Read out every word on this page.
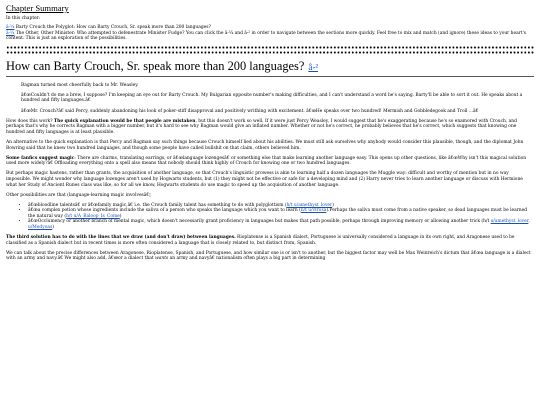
Chapter Summary
In this chapter:
â-¼ Barty Crouch the Polyglot: How can Barty Crouch, Sr. speak more than 200 languages?
â-¼ The Other, Other Minister: Who attempted to defenestrate Minister Fudge? You can click the â-¼ and â-² in order to navigate between the sections more quickly. Feel free to mix and match (and ignore) these ideas to your heart's content. This is just an exploration of the possibilities.
How can Barty Crouch, Sr. speak more than 200 languages? â-²

Bagman turned most cheerfully back to Mr. Weasley.

â€œCouldn't do me a brew, I suppose? I'm keeping an eye out for Barty Crouch. My Bulgarian opposite number's making difficulties, and I can't understand a word he's saying. Barty'll be able to sort it out. He speaks about a hundred and fifty languages.â€

â€œMr. Crouch?â€ said Percy, suddenly abandoning his look of poker-stiff disapproval and positively writhing with excitement. â€œHe speaks over two hundred! Mermish and Gobbledegook and Troll ...â€

How does this work? The quick explanation would be that people are mistaken, but this doesn't work so well. If it were just Percy Weasley, I would suggest that he's exaggerating because he's so enamored with Crouch, and perhaps that's why he corrects Bagman with a bigger number, but it's hard to see why Bagman would give an inflated number. Whether or not he's correct, he probably believes that he's correct, which suggests that knowing one hundred and fifty languages is at least plausible.

An alternative to the quick explanation is that Percy and Bagman say such things because Crouch himself lied about his abilities. We must still ask ourselves why anybody would consider this plausible, though, and the diplomat John Bowring said that he knew two hundred languages, and though some people have called bullshit on that claim, others believed him.

Some fanfics suggest magic: There are charms, translating earrings, or â€œlanguage lozengesâ€ or something else that make learning another language easy. This opens up other questions, like â€œWhy isn't this magical solution used more widely?â€ Offloading everything onto a spell also means that nobody should think highly of Crouch for knowing one or two hundred languages.

But perhaps magic hastens, rather than grants, the acquisition of another language, so that Crouch's linguistic prowess is akin to learning half a dozen languages the Muggle way: difficult and worthy of mention but in no way impossible. We might wonder why language lozenges aren't used by Hogwarts students, but (1) they might not be effective or safe for a developing mind and (2) Harry never tries to learn another language or discuss with Hermione what her Study of Ancient Runes class was like, so for all we know, Hogwarts students do use magic to speed up the acquisition of another language.

Other possibilities are that (language-learning magic involvesâ€¦

• â€œbloodline talentsâ€ or â€œfamily magic,â€ i.e. the Crouch family talent has something to do with polyglottism (h/t u/amethyst_lover)
• â€œa complex potion whose ingredients include the saliva of a person who speaks the language which you want to learn (h/t u/vfrosa).Perhaps the saliva must come from a native speaker, so dead languages must be learned the natural way (h/t u/A_Baloop_Is_Come)
• â€œOcclumency or another branch of mental magic, which doesn't necessarily grant proficiency in languages but makes that path possible, perhaps through improving memory or allowing another trick (h/t u/amethyst_lover, u/Medyoas)

The third solution has to do with the lines that we draw (and don't draw) between languages. Rioplatense is a Spanish dialect, Portuguese is universally considered a language in its own right, and Aragonese used to be classified as a Spanish dialect but in recent times is more often considered a language that is closely related to, but distinct from, Spanish.

We can talk about the precise differences between Aragonese, Rioplatense, Spanish, and Portuguese, and how similar one is or isn't to another, but the biggest factor may well be Max Weinreich's dictum that â€œa language is a dialect with an army and navy.â€ We might also add, â€œor a dialect that wants an army and navyâ€ nationalism often plays a big part in determining
